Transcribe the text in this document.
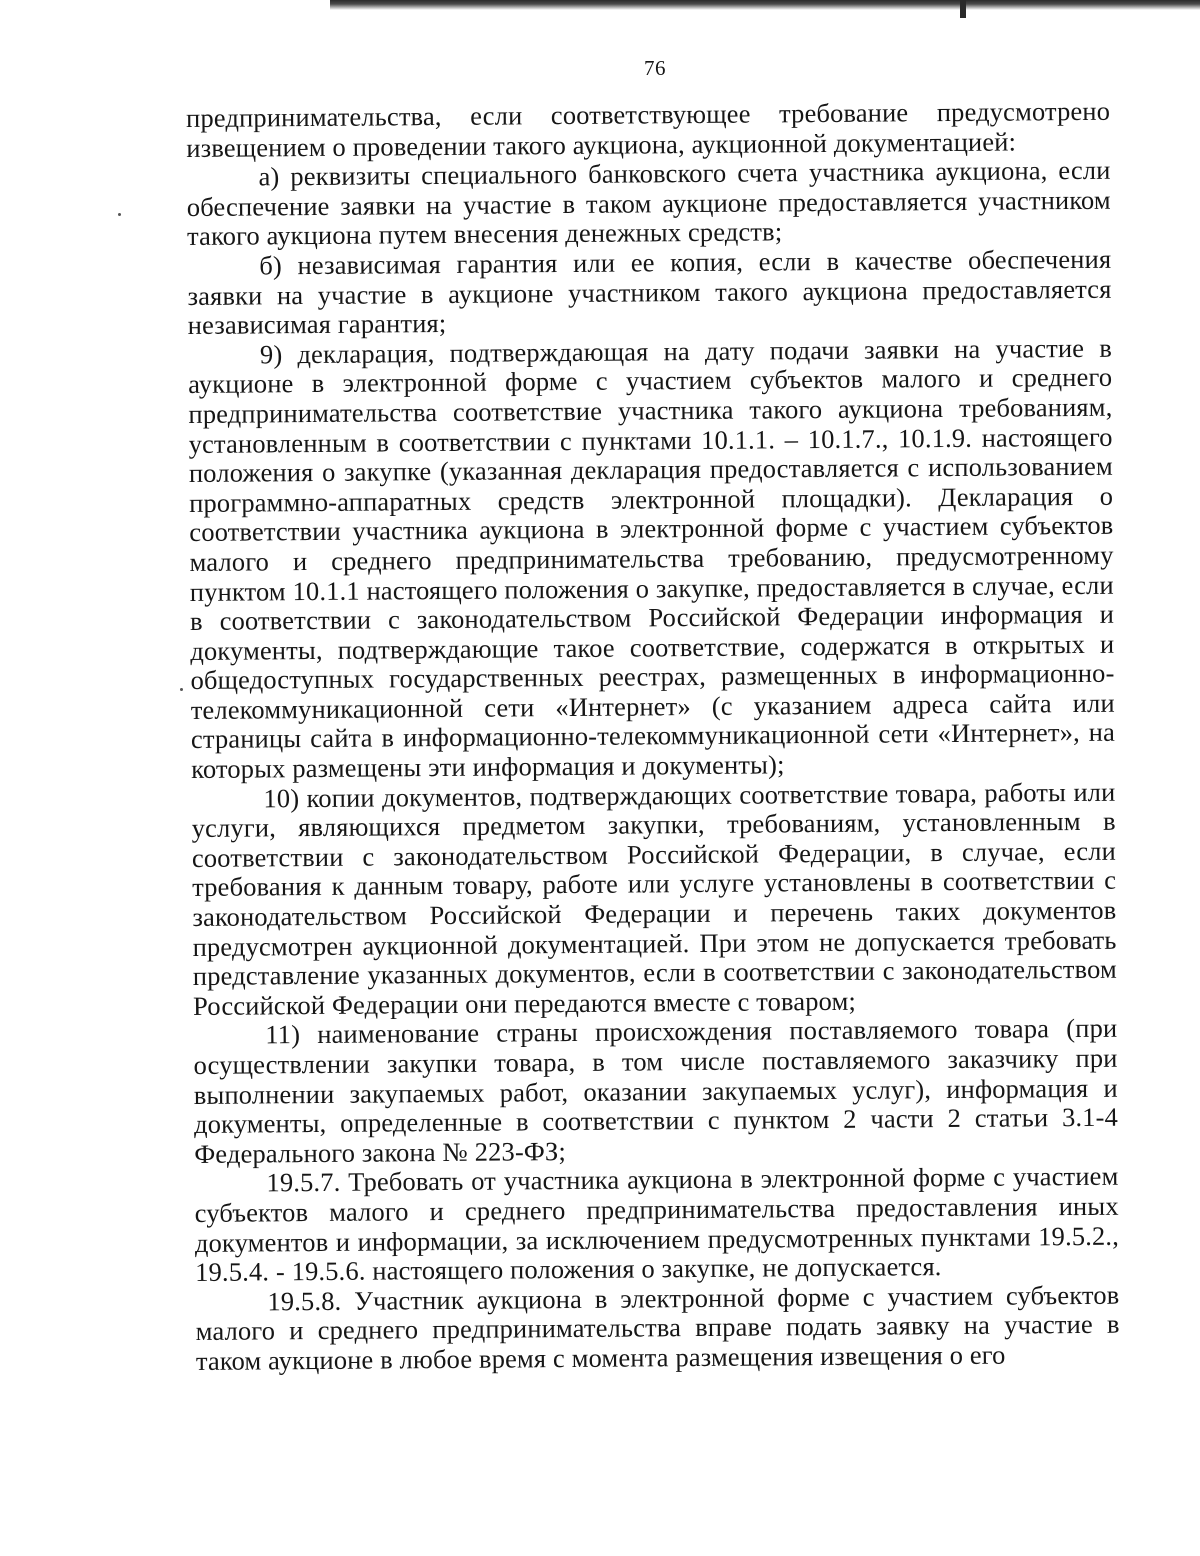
76

предпринимательства, если соответствующее требование предусмотрено извещением о проведении такого аукциона, аукционной документацией:

а) реквизиты специального банковского счета участника аукциона, если обеспечение заявки на участие в таком аукционе предоставляется участником такого аукциона путем внесения денежных средств;

б) независимая гарантия или ее копия, если в качестве обеспечения заявки на участие в аукционе участником такого аукциона предоставляется независимая гарантия;

9) декларация, подтверждающая на дату подачи заявки на участие в аукционе в электронной форме с участием субъектов малого и среднего предпринимательства соответствие участника такого аукциона требованиям, установленным в соответствии с пунктами 10.1.1. – 10.1.7., 10.1.9. настоящего положения о закупке (указанная декларация предоставляется с использованием программно-аппаратных средств электронной площадки). Декларация о соответствии участника аукциона в электронной форме с участием субъектов малого и среднего предпринимательства требованию, предусмотренному пунктом 10.1.1 настоящего положения о закупке, предоставляется в случае, если в соответствии с законодательством Российской Федерации информация и документы, подтверждающие такое соответствие, содержатся в открытых и общедоступных государственных реестрах, размещенных в информационно-телекоммуникационной сети «Интернет» (с указанием адреса сайта или страницы сайта в информационно-телекоммуникационной сети «Интернет», на которых размещены эти информация и документы);

10) копии документов, подтверждающих соответствие товара, работы или услуги, являющихся предметом закупки, требованиям, установленным в соответствии с законодательством Российской Федерации, в случае, если требования к данным товару, работе или услуге установлены в соответствии с законодательством Российской Федерации и перечень таких документов предусмотрен аукционной документацией. При этом не допускается требовать представление указанных документов, если в соответствии с законодательством Российской Федерации они передаются вместе с товаром;

11) наименование страны происхождения поставляемого товара (при осуществлении закупки товара, в том числе поставляемого заказчику при выполнении закупаемых работ, оказании закупаемых услуг), информация и документы, определенные в соответствии с пунктом 2 части 2 статьи 3.1-4 Федерального закона № 223-ФЗ;

19.5.7. Требовать от участника аукциона в электронной форме с участием субъектов малого и среднего предпринимательства предоставления иных документов и информации, за исключением предусмотренных пунктами 19.5.2., 19.5.4. - 19.5.6. настоящего положения о закупке, не допускается.

19.5.8. Участник аукциона в электронной форме с участием субъектов малого и среднего предпринимательства вправе подать заявку на участие в таком аукционе в любое время с момента размещения извещения о его
